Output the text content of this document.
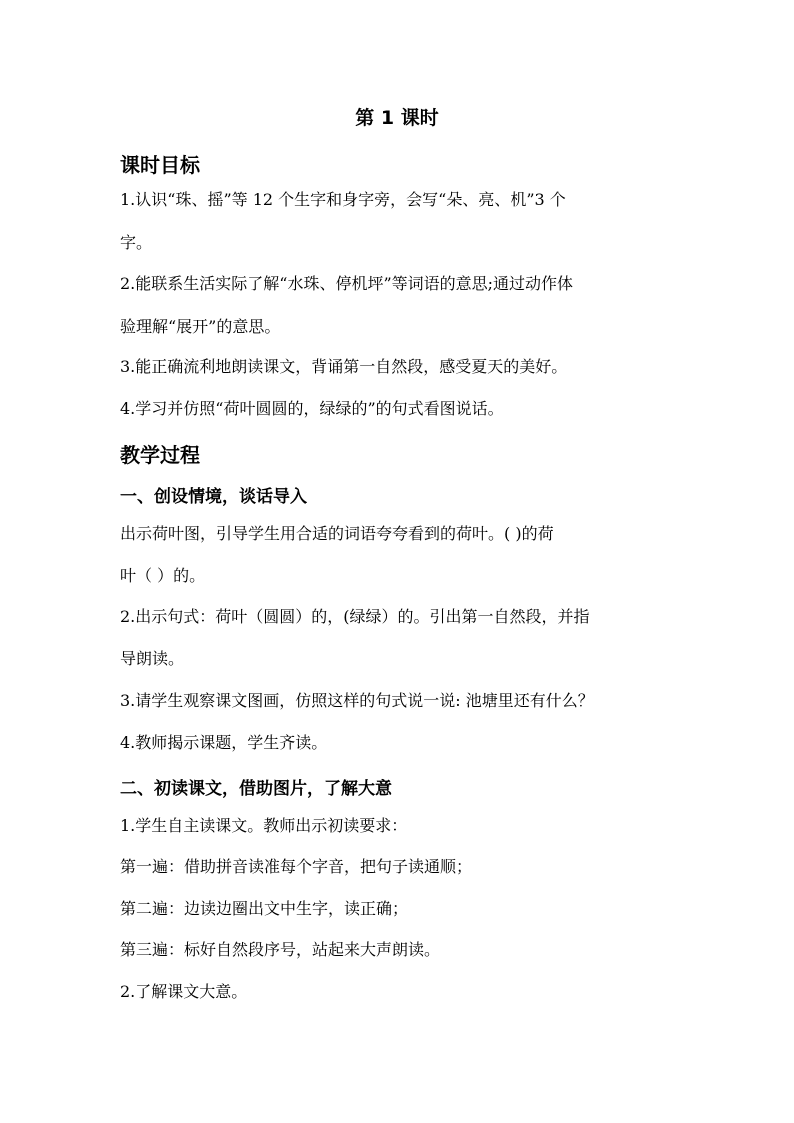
第 1 课时
课时目标
1.认识“珠、摇”等 12 个生字和身字旁，会写“朵、亮、机”3 个
字。
2.能联系生活实际了解“水珠、停机坪”等词语的意思;通过动作体
验理解“展开”的意思。
3.能正确流利地朗读课文，背诵第一自然段，感受夏天的美好。
4.学习并仿照“荷叶圆圆的，绿绿的”的句式看图说话。
教学过程
一、创设情境，谈话导入
出示荷叶图，引导学生用合适的词语夸夸看到的荷叶。( )的荷
叶（ ）的。
2.出示句式：荷叶（圆圆）的，(绿绿）的。引出第一自然段，并指
导朗读。
3.请学生观察课文图画，仿照这样的句式说一说: 池塘里还有什么？
4.教师揭示课题，学生齐读。
二、初读课文，借助图片，了解大意
1.学生自主读课文。教师出示初读要求：
第一遍：借助拼音读准每个字音，把句子读通顺；
第二遍：边读边圈出文中生字，读正确；
第三遍：标好自然段序号，站起来大声朗读。
2.了解课文大意。
